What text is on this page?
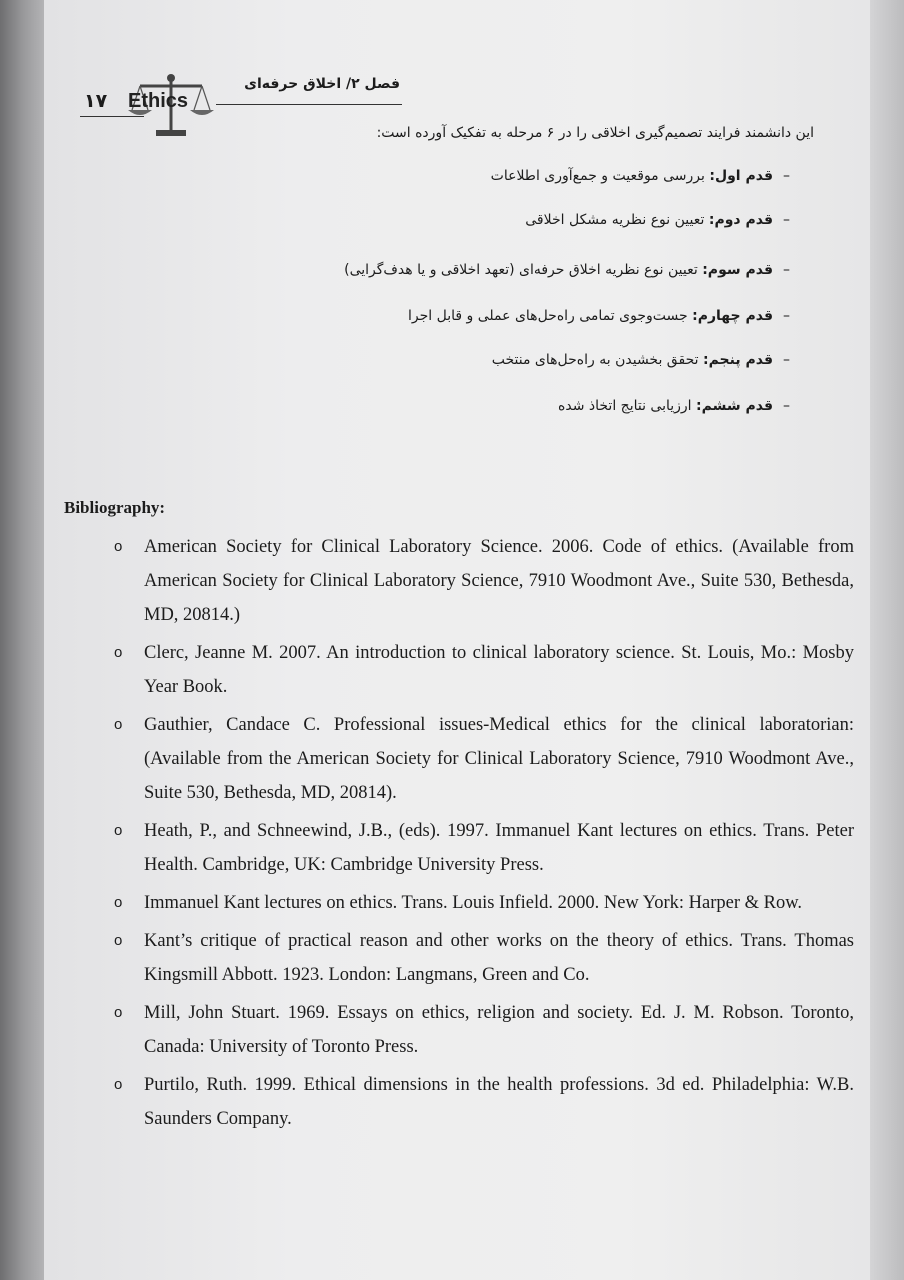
۱۷ Ethics
فصل ۲/ اخلاق حرفه‌ای
این دانشمند فرایند تصمیم‌گیری اخلاقی را در ۶ مرحله به تفکیک آورده است:
–قدم اول: بررسی موقعیت و جمع‌آوری اطلاعات
–قدم دوم: تعیین نوع نظریه مشکل اخلاقی
–قدم سوم: تعیین نوع نظریه اخلاق حرفه‌ای (تعهد اخلاقی و یا هدف‌گرایی)
–قدم چهارم: جست‌وجوی تمامی راه‌حل‌های عملی و قابل اجرا
–قدم پنجم: تحقق بخشیدن به راه‌حل‌های منتخب
–قدم ششم: ارزیابی نتایج اتخاذ شده
Bibliography:
o American Society for Clinical Laboratory Science. 2006. Code of ethics. (Available from American Society for Clinical Laboratory Science, 7910 Woodmont Ave., Suite 530, Bethesda, MD, 20814.)
o Clerc, Jeanne M. 2007. An introduction to clinical laboratory science. St. Louis, Mo.: Mosby Year Book.
o Gauthier, Candace C. Professional issues-Medical ethics for the clinical laboratorian: (Available from the American Society for Clinical Laboratory Science, 7910 Woodmont Ave., Suite 530, Bethesda, MD, 20814).
o Heath, P., and Schneewind, J.B., (eds). 1997. Immanuel Kant lectures on ethics. Trans. Peter Health. Cambridge, UK: Cambridge University Press.
o Immanuel Kant lectures on ethics. Trans. Louis Infield. 2000. New York: Harper & Row.
o Kant’s critique of practical reason and other works on the theory of ethics. Trans. Thomas Kingsmill Abbott. 1923. London: Langmans, Green and Co.
o Mill, John Stuart. 1969. Essays on ethics, religion and society. Ed. J. M. Robson. Toronto, Canada: University of Toronto Press.
o Purtilo, Ruth. 1999. Ethical dimensions in the health professions. 3d ed. Philadelphia: W.B. Saunders Company.
